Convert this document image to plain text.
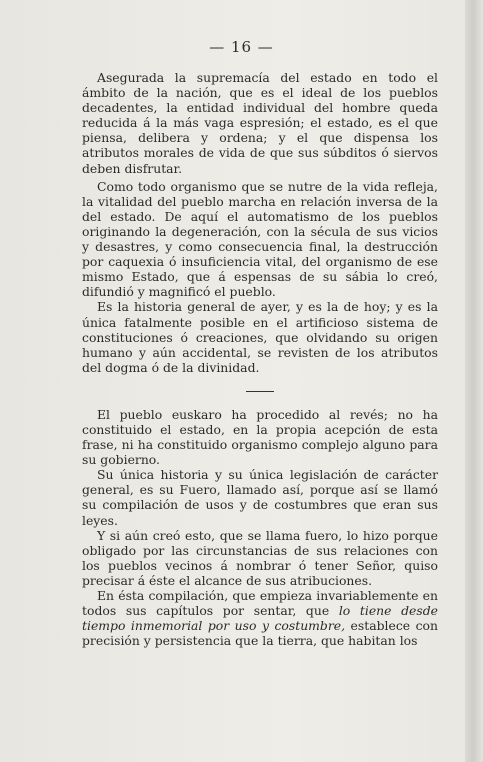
— 16 —

Asegurada la supremacía del estado en todo el ámbito de la nación, que es el ideal de los pueblos decadentes, la entidad individual del hombre queda reducida á la más vaga espresión; el estado, es el que piensa, delibera y ordena; y el que dispensa los atributos morales de vida de que sus súbditos ó siervos deben disfrutar.

Como todo organismo que se nutre de la vida refleja, la vitalidad del pueblo marcha en relación inversa de la del estado. De aquí el automatismo de los pueblos originando la degeneración, con la sécula de sus vicios y desastres, y como consecuencia final, la destrucción por caquexia ó insuficiencia vital, del organismo de ese mismo Estado, que á espensas de su sábia lo creó, difundió y magnificó el pueblo.

Es la historia general de ayer, y es la de hoy; y es la única fatalmente posible en el artificioso sistema de constituciones ó creaciones, que olvidando su origen humano y aún accidental, se revisten de los atributos del dogma ó de la divinidad.

El pueblo euskaro ha procedido al revés; no ha constituido el estado, en la propia acepción de esta frase, ni ha constituido organismo complejo alguno para su gobierno.

Su única historia y su única legislación de carácter general, es su Fuero, llamado así, porque así se llamó su compilación de usos y de costumbres que eran sus leyes.

Y si aún creó esto, que se llama fuero, lo hizo porque obligado por las circunstancias de sus relaciones con los pueblos vecinos á nombrar ó tener Señor, quiso precisar á éste el alcance de sus atribuciones.

En ésta compilación, que empieza invariablemente en todos sus capítulos por sentar, que lo tiene desde tiempo inmemorial por uso y costumbre, establece con precisión y persistencia que la tierra, que habitan los
